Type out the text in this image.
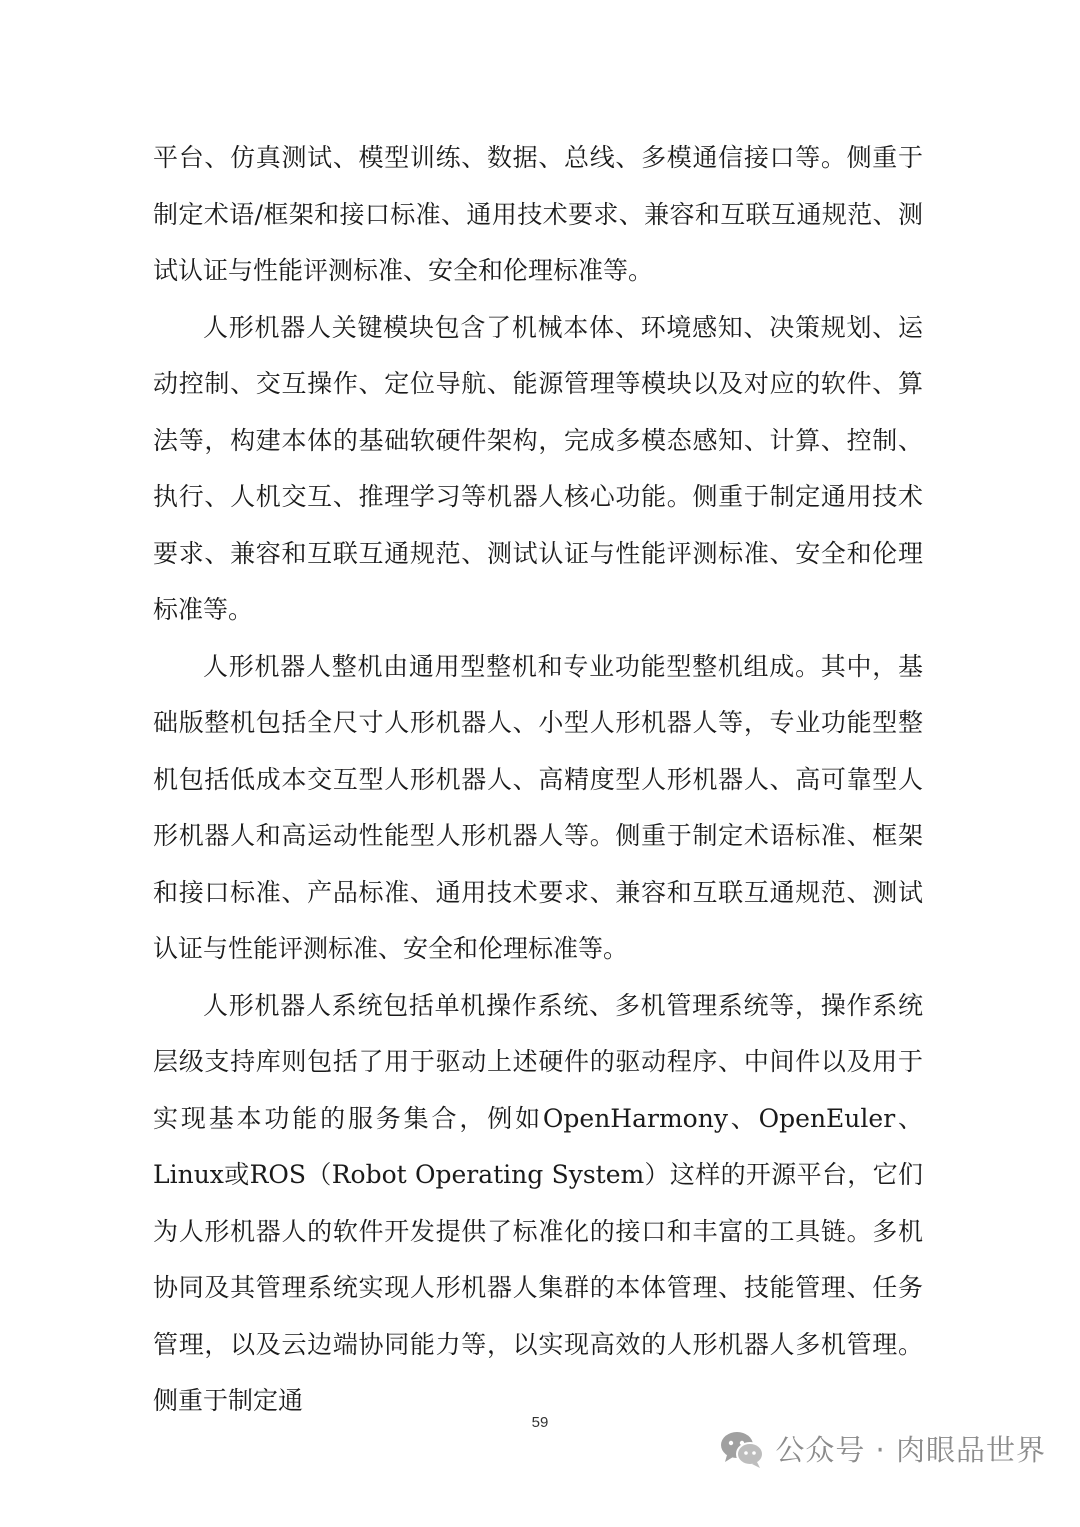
平台、仿真测试、模型训练、数据、总线、多模通信接口等。侧重于制定术语/框架和接口标准、通用技术要求、兼容和互联互通规范、测试认证与性能评测标准、安全和伦理标准等。

人形机器人关键模块包含了机械本体、环境感知、决策规划、运动控制、交互操作、定位导航、能源管理等模块以及对应的软件、算法等，构建本体的基础软硬件架构，完成多模态感知、计算、控制、执行、人机交互、推理学习等机器人核心功能。侧重于制定通用技术要求、兼容和互联互通规范、测试认证与性能评测标准、安全和伦理标准等。

人形机器人整机由通用型整机和专业功能型整机组成。其中，基础版整机包括全尺寸人形机器人、小型人形机器人等，专业功能型整机包括低成本交互型人形机器人、高精度型人形机器人、高可靠型人形机器人和高运动性能型人形机器人等。侧重于制定术语标准、框架和接口标准、产品标准、通用技术要求、兼容和互联互通规范、测试认证与性能评测标准、安全和伦理标准等。

人形机器人系统包括单机操作系统、多机管理系统等，操作系统层级支持库则包括了用于驱动上述硬件的驱动程序、中间件以及用于实现基本功能的服务集合，例如OpenHarmony、OpenEuler、Linux或ROS（Robot Operating System）这样的开源平台，它们为人形机器人的软件开发提供了标准化的接口和丰富的工具链。多机协同及其管理系统实现人形机器人集群的本体管理、技能管理、任务管理，以及云边端协同能力等，以实现高效的人形机器人多机管理。侧重于制定通

59
公众号 · 肉眼品世界
